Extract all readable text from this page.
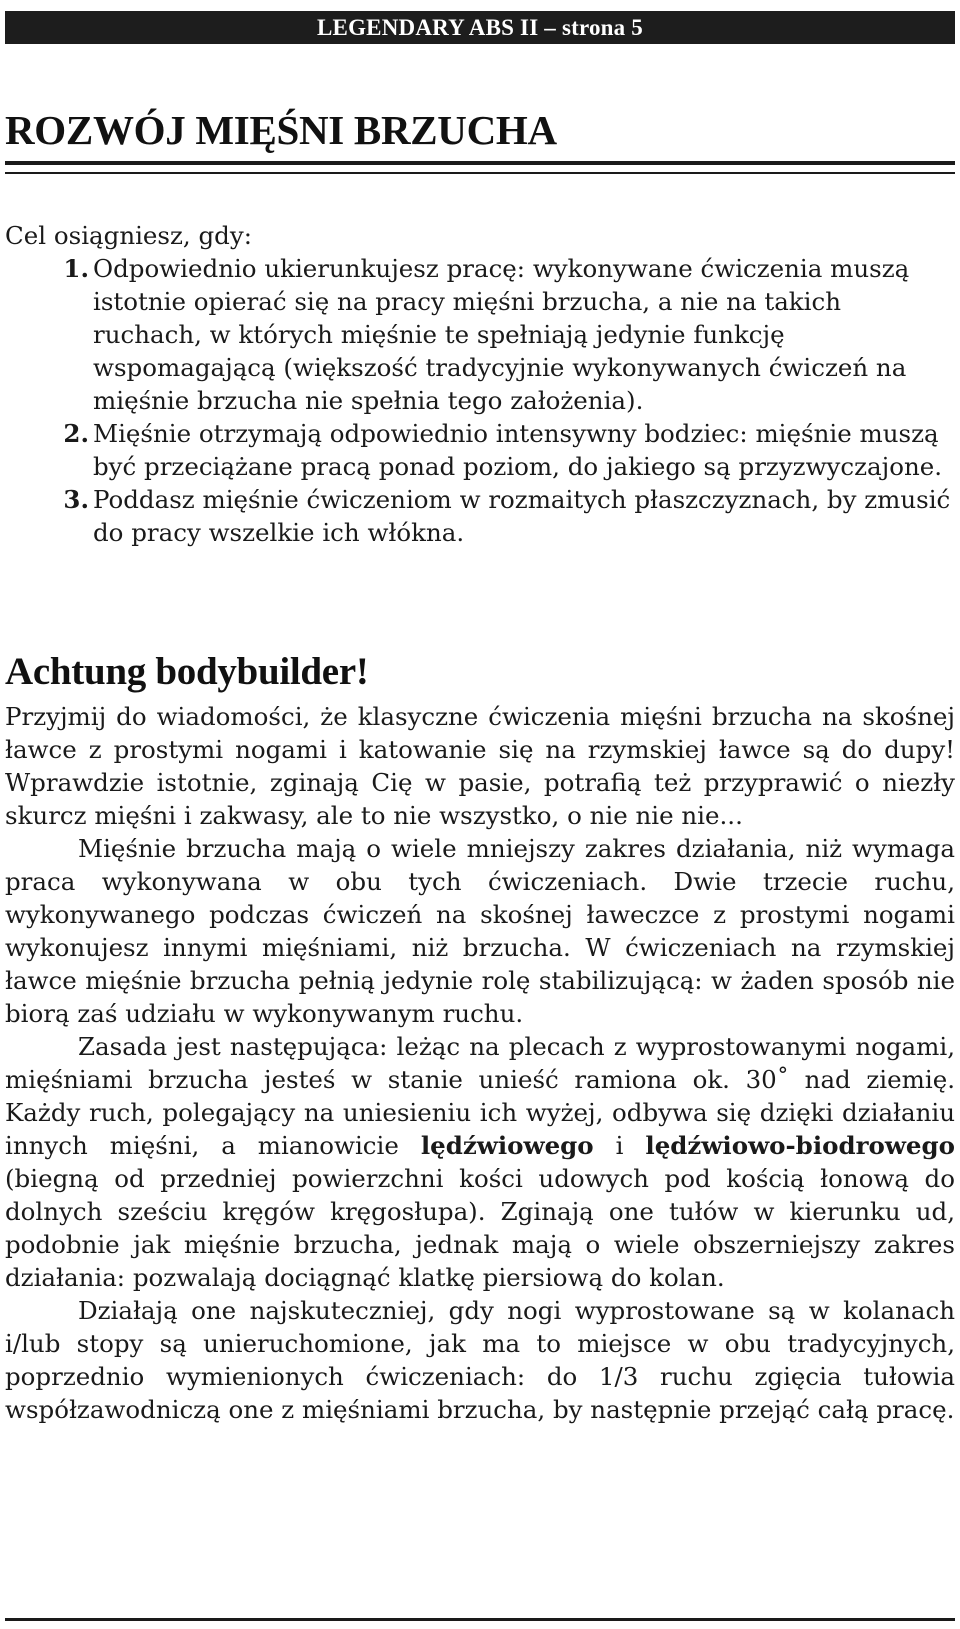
LEGENDARY ABS II – strona 5
ROZWÓJ MIĘŚNI BRZUCHA
Cel osiągniesz, gdy:
1. Odpowiednio ukierunkujesz pracę: wykonywane ćwiczenia muszą istotnie opierać się na pracy mięśni brzucha, a nie na takich ruchach, w których mięśnie te spełniają jedynie funkcję wspomagającą (większość tradycyjnie wykonywanych ćwiczeń na mięśnie brzucha nie spełnia tego założenia).
2. Mięśnie otrzymają odpowiednio intensywny bodziec: mięśnie muszą być przeciążane pracą ponad poziom, do jakiego są przyzwyczajone.
3. Poddasz mięśnie ćwiczeniom w rozmaitych płaszczyznach, by zmusić do pracy wszelkie ich włókna.
Achtung bodybuilder!

Przyjmij do wiadomości, że klasyczne ćwiczenia mięśni brzucha na skośnej ławce z prostymi nogami i katowanie się na rzymskiej ławce są do dupy! Wprawdzie istotnie, zginają Cię w pasie, potrafią też przyprawić o niezły skurcz mięśni i zakwasy, ale to nie wszystko, o nie nie nie...

Mięśnie brzucha mają o wiele mniejszy zakres działania, niż wymaga praca wykonywana w obu tych ćwiczeniach. Dwie trzecie ruchu, wykonywanego podczas ćwiczeń na skośnej ławeczce z prostymi nogami wykonujesz innymi mięśniami, niż brzucha. W ćwiczeniach na rzymskiej ławce mięśnie brzucha pełnią jedynie rolę stabilizującą: w żaden sposób nie biorą zaś udziału w wykonywanym ruchu.

Zasada jest następująca: leżąc na plecach z wyprostowanymi nogami, mięśniami brzucha jesteś w stanie unieść ramiona ok. 30˚ nad ziemię. Każdy ruch, polegający na uniesieniu ich wyżej, odbywa się dzięki działaniu innych mięśni, a mianowicie lędźwiowego i lędźwiowo-biodrowego (biegną od przedniej powierzchni kości udowych pod kością łonową do dolnych sześciu kręgów kręgosłupa). Zginają one tułów w kierunku ud, podobnie jak mięśnie brzucha, jednak mają o wiele obszerniejszy zakres działania: pozwalają dociągnąć klatkę piersiową do kolan.

Działają one najskuteczniej, gdy nogi wyprostowane są w kolanach i/lub stopy są unieruchomione, jak ma to miejsce w obu tradycyjnych, poprzednio wymienionych ćwiczeniach: do 1/3 ruchu zgięcia tułowia współzawodniczą one z mięśniami brzucha, by następnie przejąć całą pracę.
